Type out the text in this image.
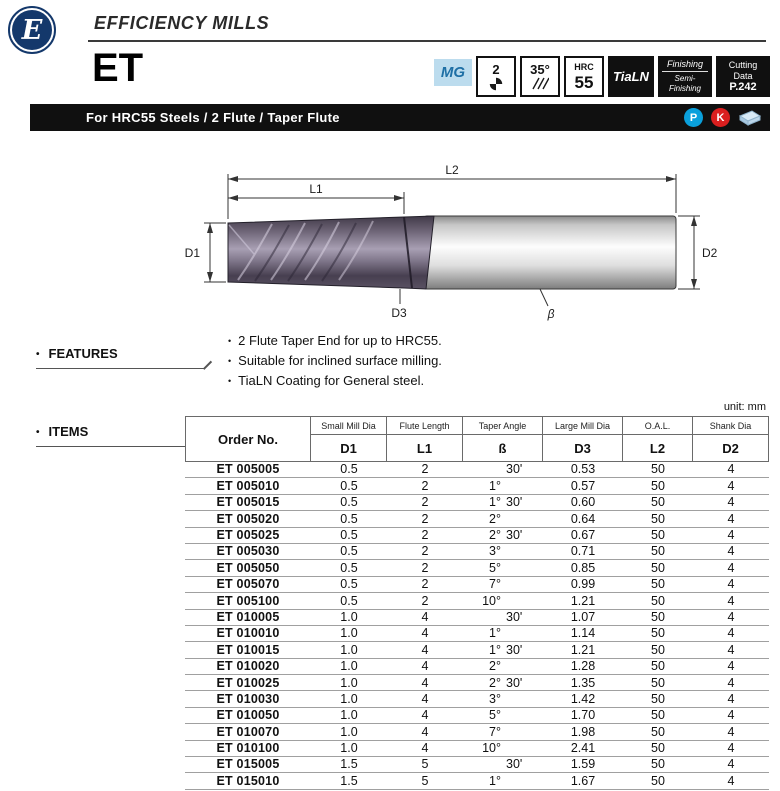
E	EFFICIENCY MILLS
ET	MG 2 35°	HRC
55 TiaLN
Finishing
Semi-
Finishing
Cutting
Data
P.242
For HRC55 Steels / 2 Flute / Taper Flute	P	K
L2
L1
D1	D2
D3	β
• FEATURES
• 2 Flute Taper End for up to HRC55.
• Suitable for inclined surface milling.
• TiaLN Coating for General steel.
unit: mm
• ITEMS	Order No.
Small Mill Dia
D1
Flute Length
L1
Taper Angle
ß
Large Mill Dia
D3
O.A.L.
L2
Shank Dia
D2
ET 005005	0.5	2	30'	0.53	50	4
ET 005010	0.5	2	1°	0.57	50	4
ET 005015	0.5	2	1° 30'	0.60	50	4
ET 005020	0.5	2	2°	0.64	50	4
ET 005025	0.5	2	2° 30'	0.67	50	4
ET 005030	0.5	2	3°	0.71	50	4
ET 005050	0.5	2	5°	0.85	50	4
ET 005070	0.5	2	7°	0.99	50	4
ET 005100	0.5	2	10°	1.21	50	4
ET 010005	1.0	4	30'	1.07	50	4
ET 010010	1.0	4	1°	1.14	50	4
ET 010015	1.0	4	1° 30'	1.21	50	4
ET 010020	1.0	4	2°	1.28	50	4
ET 010025	1.0	4	2° 30'	1.35	50	4
ET 010030	1.0	4	3°	1.42	50	4
ET 010050	1.0	4	5°	1.70	50	4
ET 010070	1.0	4	7°	1.98	50	4
ET 010100	1.0	4	10°	2.41	50	4
ET 015005	1.5	5	30'	1.59	50	4
ET 015010	1.5	5	1°	1.67	50	4
